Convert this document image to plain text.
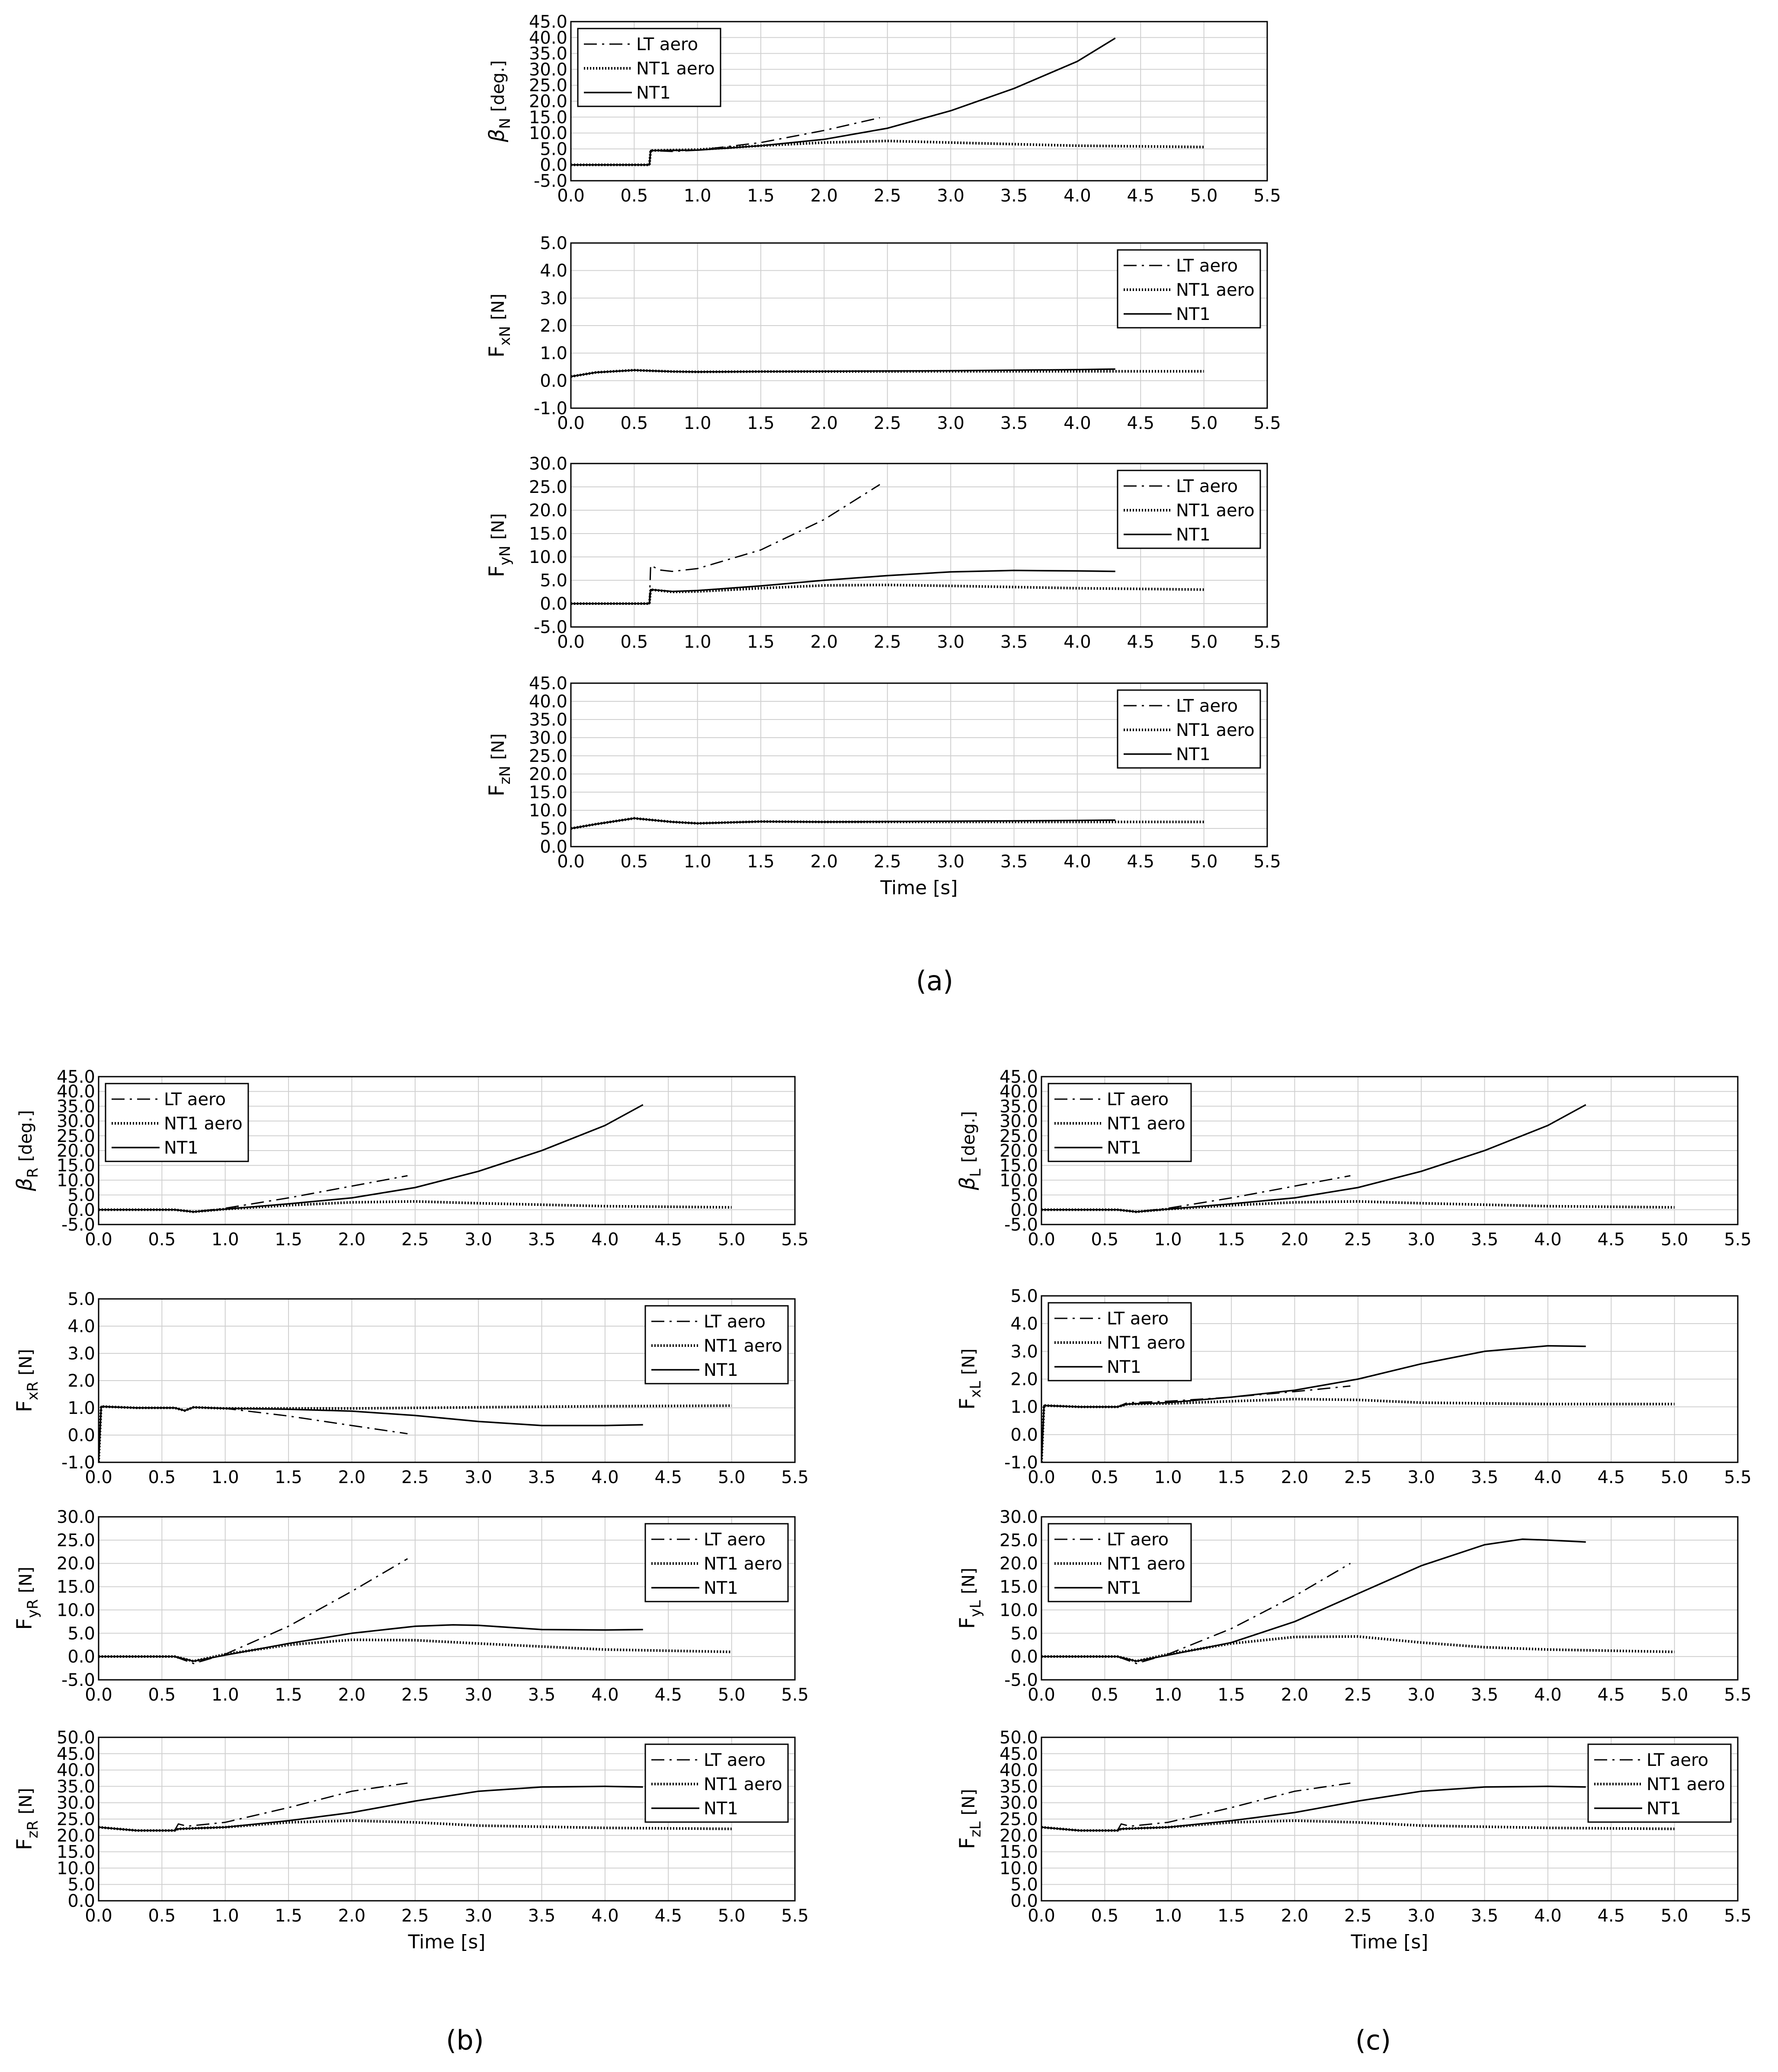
0.0 0.5 1.0 1.5 2.0 2.5 3.0 3.5 4.0 4.5 5.0 5.5
-5.0
0.0
5.0
10.0
15.0
20.0
25.0
30.0
35.0
40.0
45.0
$\beta_N[deg.]$
LT aero
NT1 aero
NT1
0.0 0.5 1.0 1.5 2.0 2.5 3.0 3.5 4.0 4.5 5.0 5.5
-1.0
0.0
1.0
2.0
3.0
4.0
5.0
$F_{xN}[N]$
LT aero
NT1 aero
NT1
0.0 0.5 1.0 1.5 2.0 2.5 3.0 3.5 4.0 4.5 5.0 5.5
-5.0
0.0
5.0
10.0
15.0
20.0
25.0
30.0
$F_{yN}[N]$
LT aero
NT1 aero
NT1
0.0 0.5 1.0 1.5 2.0 2.5 3.0 3.5 4.0 4.5 5.0 5.5
0.0
5.0
10.0
15.0
20.0
25.0
30.0
35.0
40.0
45.0
$F_{zN}[N]$
Time [s]
LT aero
NT1 aero
NT1
0.0 0.5 1.0 1.5 2.0 2.5 3.0 3.5 4.0 4.5 5.0 5.5
-5.0
0.0
5.0
10.0
15.0
20.0
25.0
30.0
35.0
40.0
45.0
$\beta_R[deg.]$
LT aero
NT1 aero
NT1
0.0 0.5 1.0 1.5 2.0 2.5 3.0 3.5 4.0 4.5 5.0 5.5
-1.0
0.0
1.0
2.0
3.0
4.0
5.0
$F_{xR}[N]$
LT aero
NT1 aero
NT1
0.0 0.5 1.0 1.5 2.0 2.5 3.0 3.5 4.0 4.5 5.0 5.5
-5.0
0.0
5.0
10.0
15.0
20.0
25.0
30.0
$F_{yR}[N]$
LT aero
NT1 aero
NT1
0.0 0.5 1.0 1.5 2.0 2.5 3.0 3.5 4.0 4.5 5.0 5.5
0.0
5.0
10.0
15.0
20.0
25.0
30.0
35.0
40.0
45.0
50.0
$F_{zR}[N]$
Time [s]
LT aero
NT1 aero
NT1
0.0 0.5 1.0 1.5 2.0 2.5 3.0 3.5 4.0 4.5 5.0 5.5
-5.0
0.0
5.0
10.0
15.0
20.0
25.0
30.0
35.0
40.0
45.0
$\beta_L[deg.]$
LT aero
NT1 aero
NT1
0.0 0.5 1.0 1.5 2.0 2.5 3.0 3.5 4.0 4.5 5.0 5.5
-1.0
0.0
1.0
2.0
3.0
4.0
5.0
$F_{xL}[N]$
LT aero
NT1 aero
NT1
0.0 0.5 1.0 1.5 2.0 2.5 3.0 3.5 4.0 4.5 5.0 5.5
-5.0
0.0
5.0
10.0
15.0
20.0
25.0
30.0
$F_{yL}[N]$
LT aero
NT1 aero
NT1
0.0 0.5 1.0 1.5 2.0 2.5 3.0 3.5 4.0 4.5 5.0 5.5
0.0
5.0
10.0
15.0
20.0
25.0
30.0
35.0
40.0
45.0
50.0
$F_{zL}[N]$
Time [s]
LT aero
NT1 aero
NT1
(a)
(b)	(c)
